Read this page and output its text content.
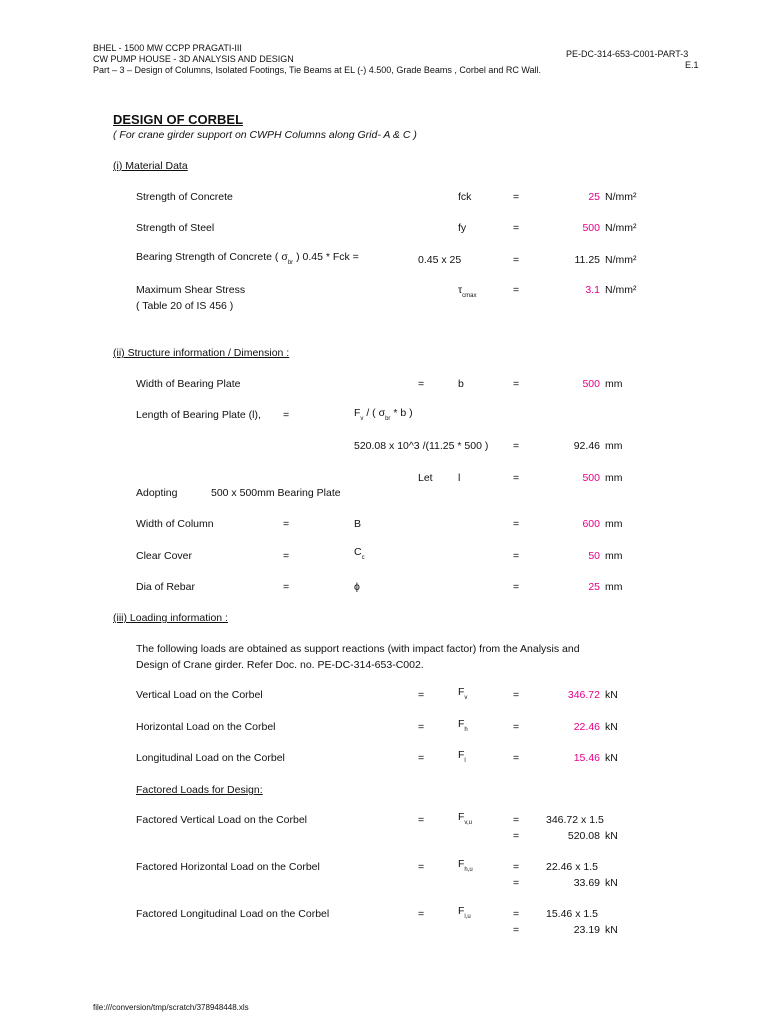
BHEL - 1500 MW CCPP PRAGATI-III
CW PUMP HOUSE - 3D ANALYSIS AND DESIGN
Part – 3 – Design of Columns, Isolated Footings, Tie Beams at EL (-) 4.500, Grade Beams , Corbel and RC Wall.
PE-DC-314-653-C001-PART-3
E.1
DESIGN OF CORBEL
( For crane girder support on CWPH Columns along Grid- A & C )
(i) Material Data
Strength of Concrete	fck	=	25 N/mm²
Strength of Steel	fy	=	500 N/mm²
Bearing Strength of Concrete ( $\sigma_{br}$ ) 0.45 * Fck =	0.45 x 25	=	11.25 N/mm²
Maximum Shear Stress
( Table 20 of IS 456 )
$\tau_{cmax}$	=	3.1 N/mm²
(ii) Structure information / Dimension :
Width of Bearing Plate	=	b	=	500 mm
Length of Bearing Plate (l), =	$F_v$ / ( $\sigma_{br}$ * b )
520.08 x 10^3 /(11.25 * 500 ) =	92.46 mm
Let l	=	500 mm
Adopting	500 x 500mm Bearing Plate
Width of Column	=	B	=	600 mm
Clear Cover	=	$C_c$	=	50 mm
Dia of Rebar	=	ϕ	=	25 mm
(iii) Loading information :
The following loads are obtained as support reactions (with impact factor) from the Analysis and
Design of Crane girder. Refer Doc. no. PE-DC-314-653-C002.
Vertical Load on the Corbel	=	$F_v$	=	346.72 kN
Horizontal Load on the Corbel	=	$F_h$	=	22.46 kN
Longitudinal Load on the Corbel	=	$F_l$	=	15.46 kN
Factored Loads for Design:
Factored Vertical Load on the Corbel	=	$F_{v,u}$	=	346.72 x 1.5
=	520.08 kN
Factored Horizontal Load on the Corbel	=	$F_{h,u}$	=	22.46 x 1.5
=	33.69 kN
Factored Longitudinal Load on the Corbel	=	$F_{l,u}$	=	15.46 x 1.5
=	23.19 kN
file:///conversion/tmp/scratch/378948448.xls
